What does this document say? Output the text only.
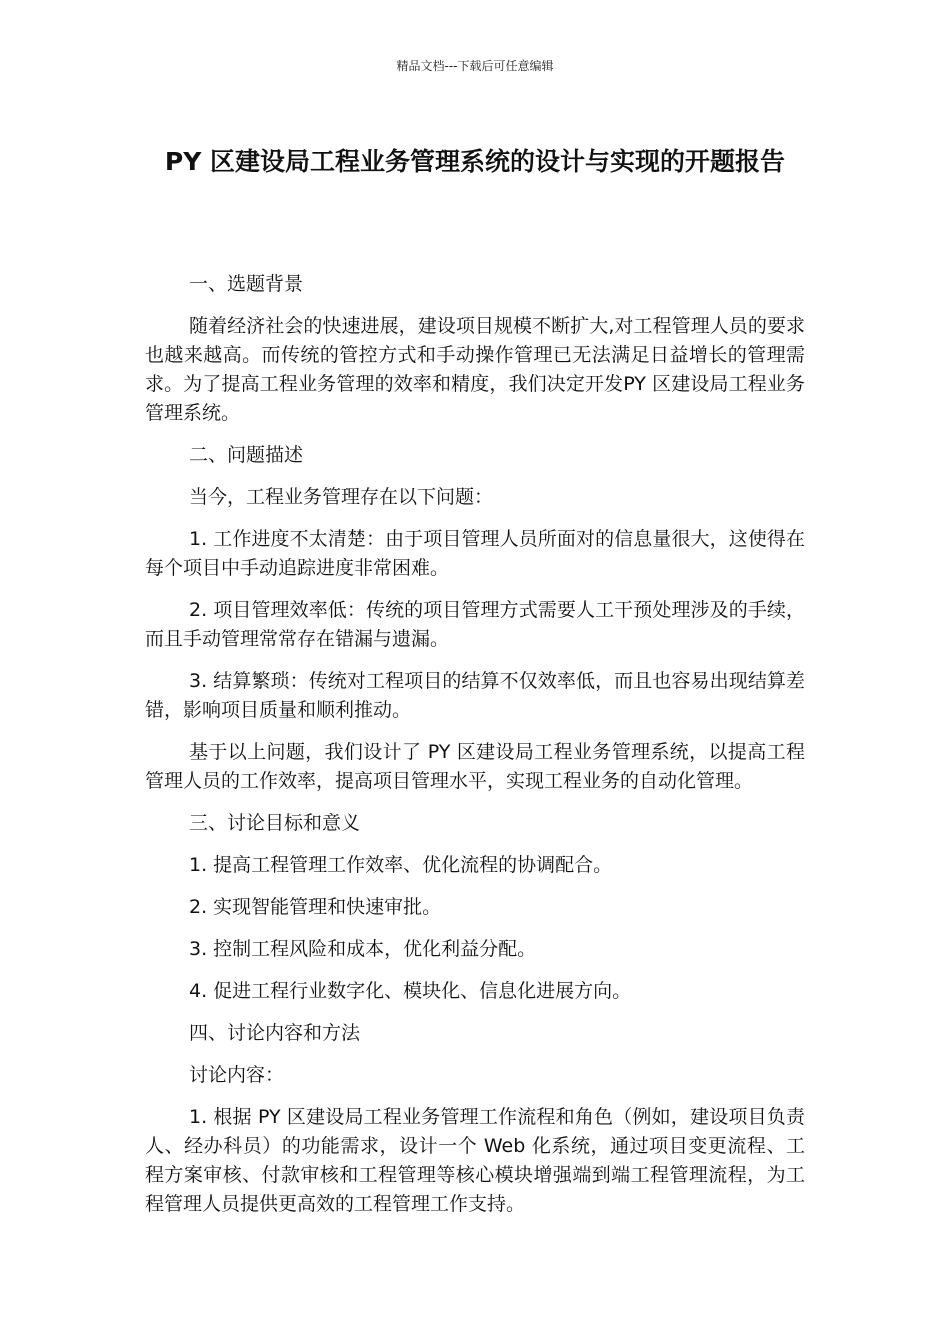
精品文档---下载后可任意编辑
PY 区建设局工程业务管理系统的设计与实现的开题报告

一、选题背景

随着经济社会的快速进展，建设项目规模不断扩大,对工程管理人员的要求也越来越高。而传统的管控方式和手动操作管理已无法满足日益增长的管理需求。为了提高工程业务管理的效率和精度，我们决定开发PY 区建设局工程业务管理系统。

二、问题描述

当今，工程业务管理存在以下问题：

1. 工作进度不太清楚：由于项目管理人员所面对的信息量很大，这使得在每个项目中手动追踪进度非常困难。

2. 项目管理效率低：传统的项目管理方式需要人工干预处理涉及的手续，而且手动管理常常存在错漏与遗漏。

3. 结算繁琐：传统对工程项目的结算不仅效率低，而且也容易出现结算差错，影响项目质量和顺利推动。

基于以上问题，我们设计了 PY 区建设局工程业务管理系统，以提高工程管理人员的工作效率，提高项目管理水平，实现工程业务的自动化管理。

三、讨论目标和意义

1. 提高工程管理工作效率、优化流程的协调配合。

2. 实现智能管理和快速审批。

3. 控制工程风险和成本，优化利益分配。

4. 促进工程行业数字化、模块化、信息化进展方向。

四、讨论内容和方法

讨论内容：

1. 根据 PY 区建设局工程业务管理工作流程和角色（例如，建设项目负责人、经办科员）的功能需求，设计一个 Web 化系统，通过项目变更流程、工程方案审核、付款审核和工程管理等核心模块增强端到端工程管理流程，为工程管理人员提供更高效的工程管理工作支持。
